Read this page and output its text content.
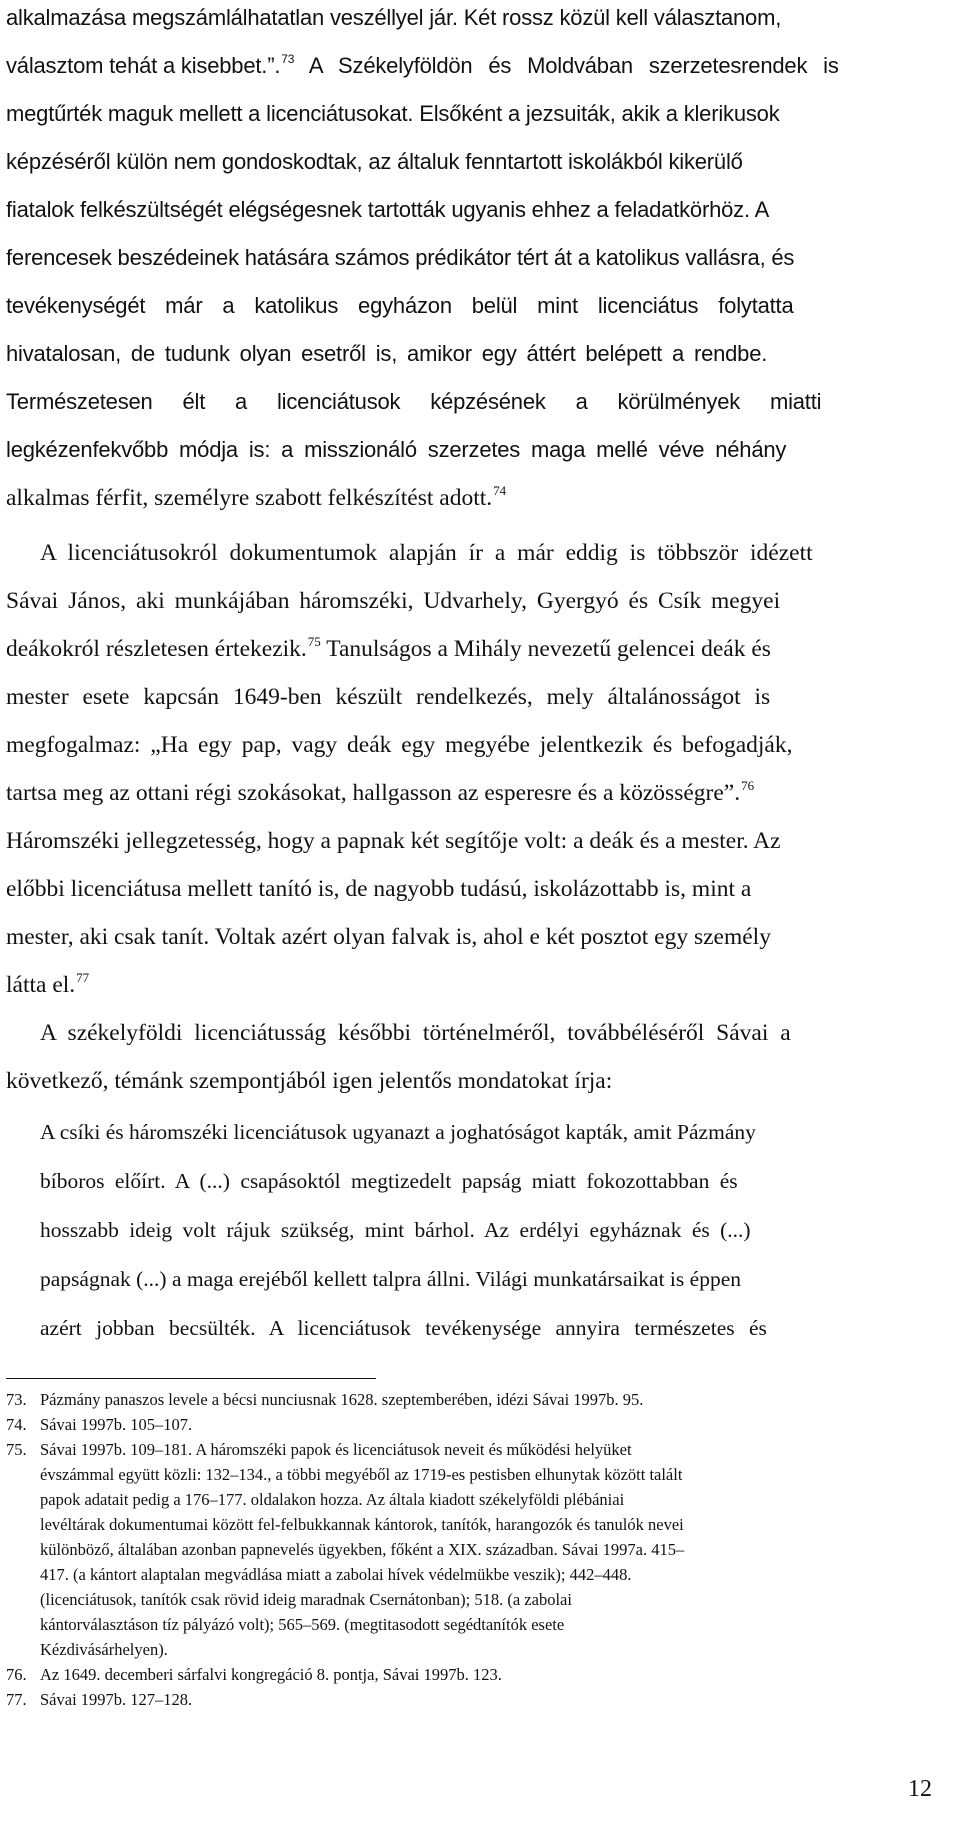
alkalmazása megszámlálhatatlan veszéllyel jár. Két rossz közül kell választanom,
választom tehát a kisebbet.”.$^{73}$ A Székelyföldön és Moldvában szerzetesrendek is
megtűrték maguk mellett a licenciátusokat. Elsőként a jezsuiták, akik a klerikusok
képzéséről külön nem gondoskodtak, az általuk fenntartott iskolákból kikerülő
fiatalok felkészültségét elégségesnek tartották ugyanis ehhez a feladatkörhöz. A
ferencesek beszédeinek hatására számos prédikátor tért át a katolikus vallásra, és
tevékenységét már a katolikus egyházon belül mint licenciátus folytatta
hivatalosan, de tudunk olyan esetről is, amikor egy áttért belépett a rendbe.
Természetesen élt a licenciátusok képzésének a körülmények miatti
legkézenfekvőbb módja is: a misszionáló szerzetes maga mellé véve néhány
alkalmas férfit, személyre szabott felkészítést adott.$^{74}$
A licenciátusokról dokumentumok alapján ír a már eddig is többször idézett
Sávai János, aki munkájában háromszéki, Udvarhely, Gyergyó és Csík megyei
deákokról részletesen értekezik.$^{75}$ Tanulságos a Mihály nevezetű gelencei deák és
mester esete kapcsán 1649-ben készült rendelkezés, mely általánosságot is
megfogalmaz: „Ha egy pap, vagy deák egy megyébe jelentkezik és befogadják,
tartsa meg az ottani régi szokásokat, hallgasson az esperesre és a közösségre”.$^{76}$
Háromszéki jellegzetesség, hogy a papnak két segítője volt: a deák és a mester. Az
előbbi licenciátusa mellett tanító is, de nagyobb tudású, iskolázottabb is, mint a
mester, aki csak tanít. Voltak azért olyan falvak is, ahol e két posztot egy személy
látta el.$^{77}$
A székelyföldi licenciátusság későbbi történelméről, továbbéléséről Sávai a
következő, témánk szempontjából igen jelentős mondatokat írja:
A csíki és háromszéki licenciátusok ugyanazt a joghatóságot kapták, amit Pázmány
bíboros előírt. A (...) csapásoktól megtizedelt papság miatt fokozottabban és
hosszabb ideig volt rájuk szükség, mint bárhol. Az erdélyi egyháznak és (...)
papságnak (...) a maga erejéből kellett talpra állni. Világi munkatársaikat is éppen
azért jobban becsülték. A licenciátusok tevékenysége annyira természetes és
73. Pázmány panaszos levele a bécsi nunciusnak 1628. szeptemberében, idézi Sávai 1997b. 95.
74. Sávai 1997b. 105–107.
75. Sávai 1997b. 109–181. A háromszéki papok és licenciátusok neveit és működési helyüket
évszámmal együtt közli: 132–134., a többi megyéből az 1719-es pestisben elhunytak között talált
papok adatait pedig a 176–177. oldalakon hozza. Az általa kiadott székelyföldi plébániai
levéltárak dokumentumai között fel-felbukkannak kántorok, tanítók, harangozók és tanulók nevei
különböző, általában azonban papnevelés ügyekben, főként a XIX. században. Sávai 1997a. 415–
417. (a kántort alaptalan megvádlása miatt a zabolai hívek védelmükbe veszik); 442–448.
(licenciátusok, tanítók csak rövid ideig maradnak Csernátonban); 518. (a zabolai
kántorválasztáson tíz pályázó volt); 565–569. (megtitasodott segédtanítók esete
Kézdivásárhelyen).
76. Az 1649. decemberi sárfalvi kongregáció 8. pontja, Sávai 1997b. 123.
77. Sávai 1997b. 127–128.
12
